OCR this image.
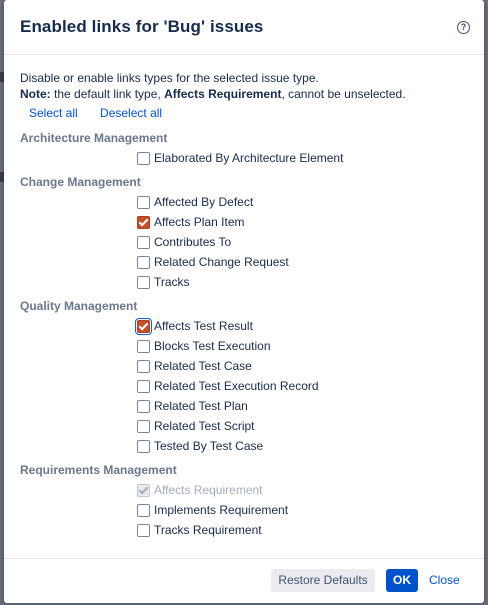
Enabled links for 'Bug' issues	?
Disable or enable links types for the selected issue type.
Note: the default link type, Affects Requirement, cannot be unselected.
Select all Deselect all
Architecture Management
Elaborated By Architecture Element
Change Management
Affected By Defect
Affects Plan Item
Contributes To
Related Change Request
Tracks
Quality Management
Affects Test Result
Blocks Test Execution
Related Test Case
Related Test Execution Record
Related Test Plan
Related Test Script
Tested By Test Case
Requirements Management
Affects Requirement
Implements Requirement
Tracks Requirement
Restore Defaults	OK	Close
